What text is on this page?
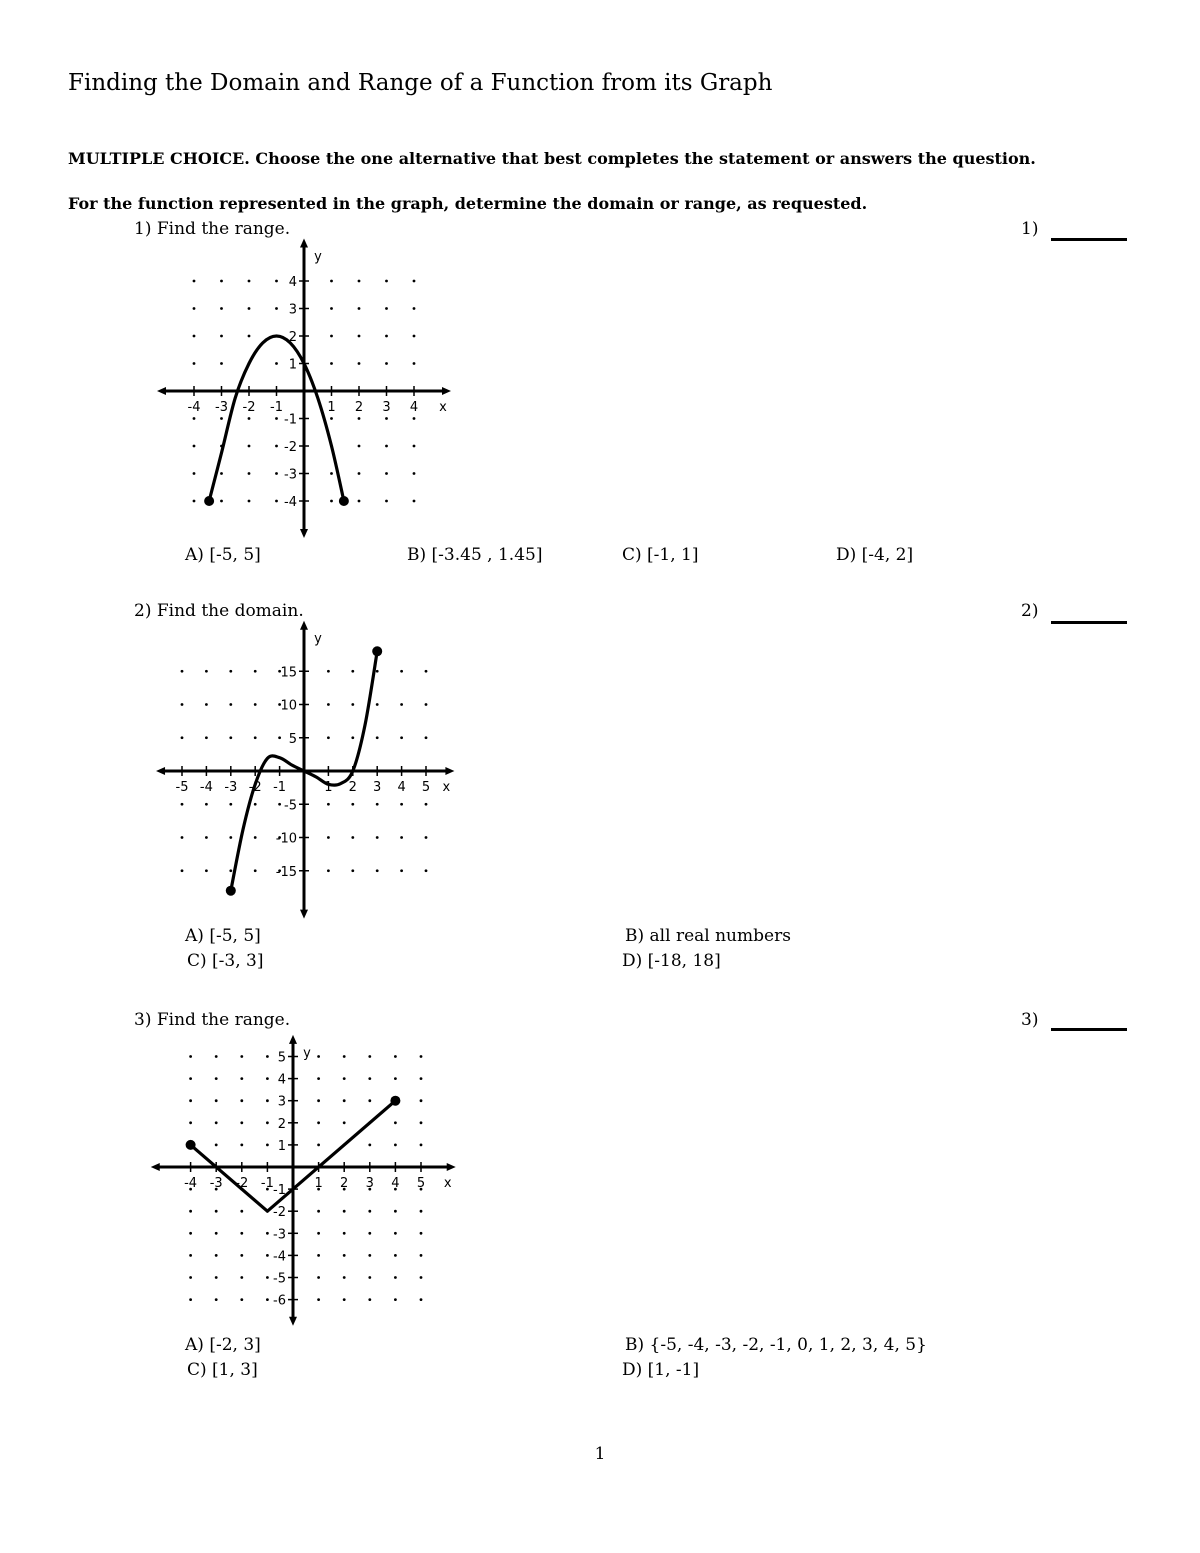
Finding the Domain and Range of a Function from its Graph
MULTIPLE CHOICE. Choose the one alternative that best completes the statement or answers the question.
For the function represented in the graph, determine the domain or range, as requested.
1) Find the range.	1)
-4 -3 -2 -1	1 2 3 4
4
3
2
1
-1
-2
-3
-4
x
y
A) [-5, 5]	B) [-3.45 , 1.45]	C) [-1, 1]	D) [-4, 2]
2) Find the domain.	2)
-5 -4 -3 -2 -1	1 2 3 4 5
15
10
5
-5
-10
-15
x
y
A) [-5, 5]	B) all real numbers
C) [-3, 3]	D) [-18, 18]
3) Find the range.	3)
-4 -3 -2 -1	1 2 3 4 5
5
4
3
2
1
-1
-2
-3
-4
-5
-6
x
y
A) [-2, 3]	B) {-5, -4, -3, -2, -1, 0, 1, 2, 3, 4, 5}
C) [1, 3]	D) [1, -1]
1
